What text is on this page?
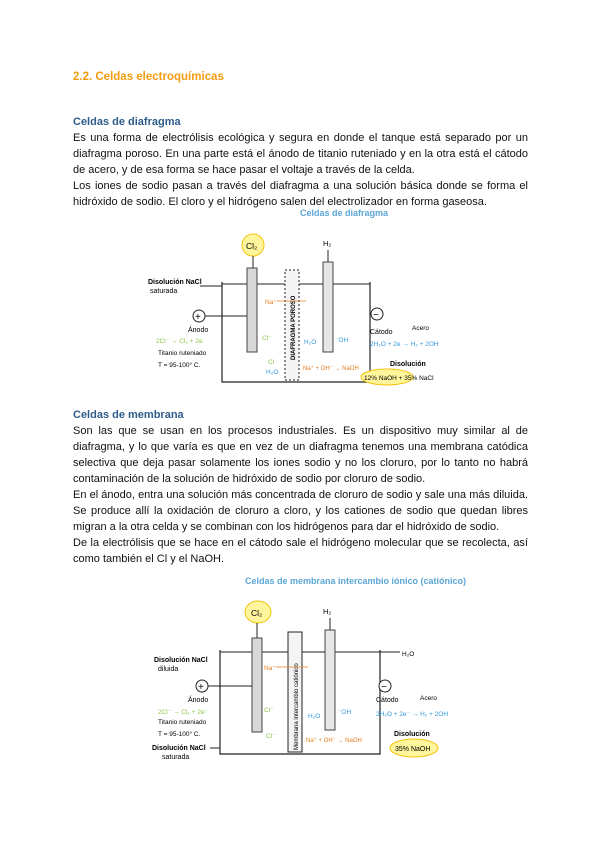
2.2. Celdas electroquímicas
Celdas de diafragma

Es una forma de electrólisis ecológica y segura en donde el tanque está separado por un diafragma poroso. En una parte está el ánodo de titanio ruteniado y en la otra está el cátodo de acero, y de esa forma se hace pasar el voltaje a través de la celda.

Los iones de sodio pasan a través del diafragma a una solución básica donde se forma el hidróxido de sodio. El cloro y el hidrógeno salen del electrolizador en forma gaseosa.

Celdas de diafragma
Cl₂	H₂
DIAFRAGMA POROSO
Disolución NaCl
saturada
+
Ánodo
2Cl⁻ → Cl₂ + 2e
Titanio ruteniado
T = 95-100° C.
Na⁺
Cl⁻
Cl
H₂O
H₂O	⁻OH
Na⁺ + OH⁻ → NaOH
−
Cátodo
Acero
2H₂O + 2e → H₂ + 2OH
Disolución
12% NaOH + 35% NaCl
Celdas de membrana

Son las que se usan en los procesos industriales. Es un dispositivo muy similar al de diafragma, y lo que varía es que en vez de un diafragma tenemos una membrana catódica selectiva que deja pasar solamente los iones sodio y no los cloruro, por lo tanto no habrá contaminación de la solución de hidróxido de sodio por cloruro de sodio.

En el ánodo, entra una solución más concentrada de cloruro de sodio y sale una más diluida. Se produce allí la oxidación de cloruro a cloro, y los cationes de sodio que quedan libres migran a la otra celda y se combinan con los hidrógenos para dar el hidróxido de sodio.

De la electrólisis que se hace en el cátodo sale el hidrógeno molecular que se recolecta, así como también el Cl y el NaOH.

Celdas de membrana intercambio iónico (catiónico)
Cl₂	H₂
Membrana intercambio catiónico
H₂O
Disolución NaCl
diluida
+
Ánodo
2Cl⁻ → Cl₂ + 2e⁻
Titanio ruteniado
T = 95-100° C.
Disolución NaCl
saturada
Na⁺
Cl⁻
Cl⁻
H₂O
⁻OH
Na⁺ + OH⁻ → NaOH
−
Cátodo	Acero
2H₂O + 2e⁻ → H₂ + 2OH
Disolución
35% NaOH
